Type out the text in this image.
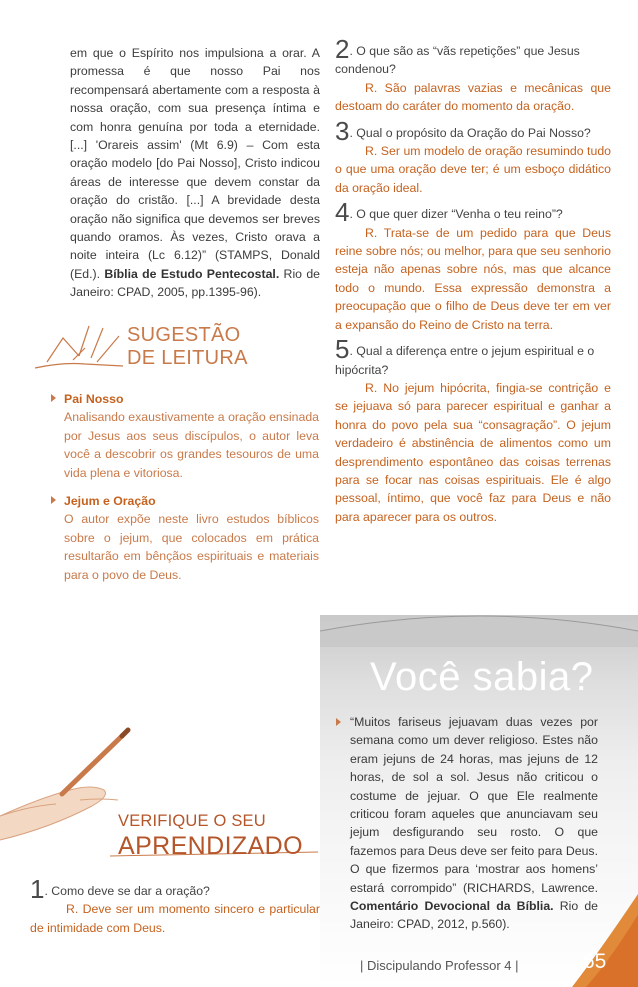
em que o Espírito nos impulsiona a orar. A promessa é que nosso Pai nos recompensará abertamente com a resposta à nossa oração, com sua presença íntima e com honra genuína por toda a eternidade. [...] 'Orareis assim' (Mt 6.9) – Com esta oração modelo [do Pai Nosso], Cristo indicou áreas de interesse que devem constar da oração do cristão. [...] A brevidade desta oração não significa que devemos ser breves quando oramos. Às vezes, Cristo orava a noite inteira (Lc 6.12)” (STAMPS, Donald (Ed.). Bíblia de Estudo Pentecostal. Rio de Janeiro: CPAD, 2005, pp.1395-96).

SUGESTÃO
DE LEITURA
Pai Nosso
Analisando exaustivamente a oração ensinada por Jesus aos seus discípulos, o autor leva você a descobrir os grandes tesouros de uma vida plena e vitoriosa.
Jejum e Oração
O autor expõe neste livro estudos bíblicos sobre o jejum, que colocados em prática resultarão em bênçãos espirituais e materiais para o povo de Deus.
VERIFIQUE O SEU
APRENDIZADO

1. Como deve se dar a oração?

R. Deve ser um momento sincero e particular de intimidade com Deus.

2. O que são as “vãs repetições” que Jesus condenou?

R. São palavras vazias e mecânicas que destoam do caráter do momento da oração.

3. Qual o propósito da Oração do Pai Nosso?

R. Ser um modelo de oração resumindo tudo o que uma oração deve ter; é um esboço didático da oração ideal.

4. O que quer dizer “Venha o teu reino”?

R. Trata-se de um pedido para que Deus reine sobre nós; ou melhor, para que seu senhorio esteja não apenas sobre nós, mas que alcance todo o mundo. Essa expressão demonstra a preocupação que o filho de Deus deve ter em ver a expansão do Reino de Cristo na terra.

5. Qual a diferença entre o jejum espiritual e o hipócrita?

R. No jejum hipócrita, fingia-se contrição e se jejuava só para parecer espiritual e ganhar a honra do povo pela sua “consagração”. O jejum verdadeiro é abstinência de alimentos como um desprendimento espontâneo das coisas terrenas para se focar nas coisas espirituais. Ele é algo pessoal, íntimo, que você faz para Deus e não para aparecer para os outros.

Você sabia?
“Muitos fariseus jejuavam duas vezes por semana como um dever religioso. Estes não eram jejuns de 24 horas, mas jejuns de 12 horas, de sol a sol. Jesus não criticou o costume de jejuar. O que Ele realmente criticou foram aqueles que anunciavam seu jejum desfigurando seu rosto. O que fazemos para Deus deve ser feito para Deus. O que fizermos para ‘mostrar aos homens’ estará corrompido” (RICHARDS, Lawrence. Comentário Devocional da Bíblia. Rio de Janeiro: CPAD, 2012, p.560).
| Discipulando Professor 4 |	65
